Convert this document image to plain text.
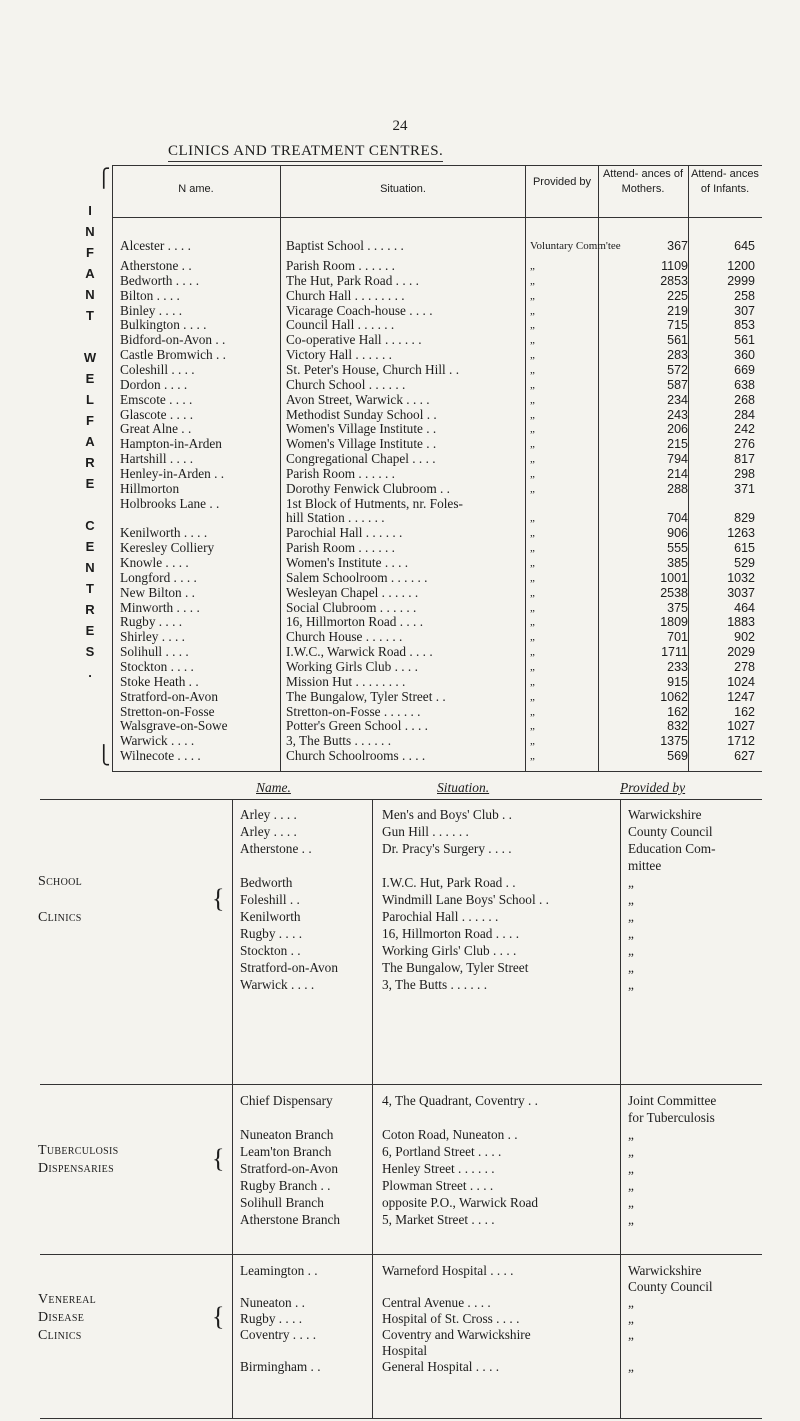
24
CLINICS AND TREATMENT CENTRES.
I
N
F
A
N
T

W
E
L
F
A
R
E

C
E
N
T
R
E
S
.
⎧
⎩
N ame.	Situation.
Provided by
Attend- ances of Mothers.
Attend- ances of Infants.
Alcester . . . .	Baptist School . . . . . .	Voluntary Comm'tee	367	645
Atherstone . .	Parish Room . . . . . .	„	1109	1200
Bedworth . . . .	The Hut, Park Road . . . .	„	2853	2999
Bilton . . . .	Church Hall . . . . . . . .	„	225	258
Binley . . . .	Vicarage Coach-house . . . .	„	219	307
Bulkington . . . .	Council Hall . . . . . .	„	715	853
Bidford-on-Avon . .	Co-operative Hall . . . . . .	„	561	561
Castle Bromwich . .	Victory Hall . . . . . .	„	283	360
Coleshill . . . .	St. Peter's House, Church Hill . .	„	572	669
Dordon . . . .	Church School . . . . . .	„	587	638
Emscote . . . .	Avon Street, Warwick . . . .	„	234	268
Glascote . . . .	Methodist Sunday School . .	„	243	284
Great Alne . .	Women's Village Institute . .	„	206	242
Hampton-in-Arden	Women's Village Institute . .	„	215	276
Hartshill . . . .	Congregational Chapel . . . .	„	794	817
Henley-in-Arden . .	Parish Room . . . . . .	„	214	298
Hillmorton	Dorothy Fenwick Clubroom . .	„	288	371
Holbrooks Lane . .	1st Block of Hutments, nr. Foles-
hill Station . . . . . .	„	704	829
Kenilworth . . . .	Parochial Hall . . . . . .	„	906	1263
Keresley Colliery	Parish Room . . . . . .	„	555	615
Knowle . . . .	Women's Institute . . . .	„	385	529
Longford . . . .	Salem Schoolroom . . . . . .	„	1001	1032
New Bilton . .	Wesleyan Chapel . . . . . .	„	2538	3037
Minworth . . . .	Social Clubroom . . . . . .	„	375	464
Rugby . . . .	16, Hillmorton Road . . . .	„	1809	1883
Shirley . . . .	Church House . . . . . .	„	701	902
Solihull . . . .	I.W.C., Warwick Road . . . .	„	1711	2029
Stockton . . . .	Working Girls Club . . . .	„	233	278
Stoke Heath . .	Mission Hut . . . . . . . .	„	915	1024
Stratford-on-Avon	The Bungalow, Tyler Street . .	„	1062	1247
Stretton-on-Fosse	Stretton-on-Fosse . . . . . .	„	162	162
Walsgrave-on-Sowe	Potter's Green School . . . .	„	832	1027
Warwick . . . .	3, The Butts . . . . . .	„	1375	1712
Wilnecote . . . .	Church Schoolrooms . . . .	„	569	627
Name.	Situation.	Provided by
Arley . . . .	Men's and Boys' Club . .	Warwickshire
Arley . . . .	Gun Hill . . . . . .	County Council
Atherstone . .	Dr. Pracy's Surgery . . . .	Education Com-
mittee
Bedworth	I.W.C. Hut, Park Road . .	„
Foleshill . .	Windmill Lane Boys' School . .	„
Kenilworth	Parochial Hall . . . . . .	„
Rugby . . . .	16, Hillmorton Road . . . .	„
Stockton . .	Working Girls' Club . . . .	„
Stratford-on-Avon	The Bungalow, Tyler Street	„
Warwick . . . .	3, The Butts . . . . . .	„
School

Clinics
{
Chief Dispensary	4, The Quadrant, Coventry . .	Joint Committee
for Tuberculosis
Nuneaton Branch	Coton Road, Nuneaton . .	„
Leam'ton Branch	6, Portland Street . . . .	„
Stratford-on-Avon	Henley Street . . . . . .	„
Rugby Branch . .	Plowman Street . . . .	„
Solihull Branch	opposite P.O., Warwick Road	„
Atherstone Branch	5, Market Street . . . .	„
Tuberculosis
Dispensaries	{
Leamington . .	Warneford Hospital . . . .	Warwickshire
County Council
Nuneaton . .	Central Avenue . . . .	„
Rugby . . . .	Hospital of St. Cross . . . .	„
Coventry . . . .	Coventry and Warwickshire	„
Hospital
Birmingham . .	General Hospital . . . .	„
Venereal
Disease
Clinics
{
